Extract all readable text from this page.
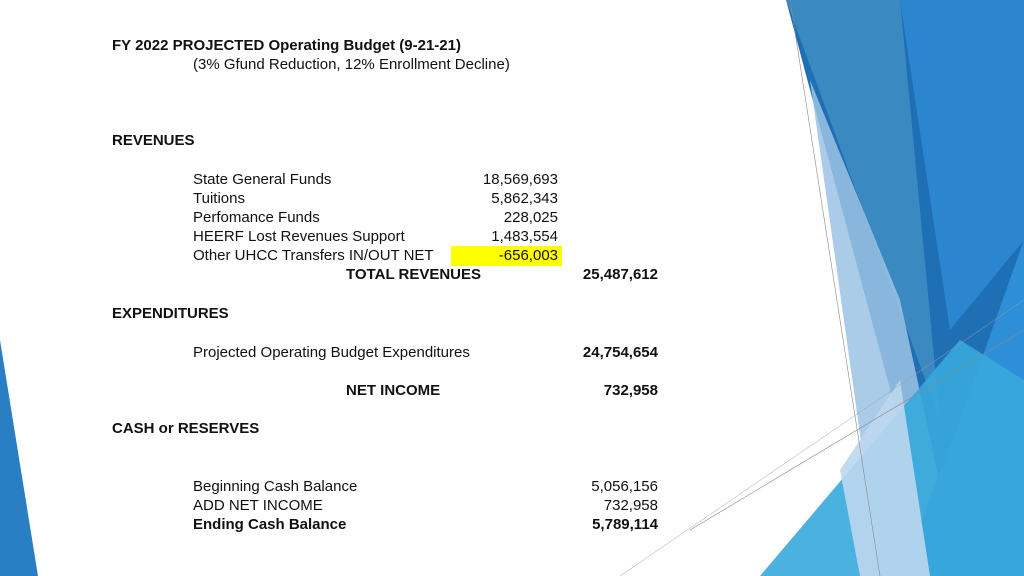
FY 2022 PROJECTED Operating Budget (9-21-21)
(3% Gfund Reduction, 12% Enrollment Decline)
REVENUES
State General Funds	18,569,693
Tuitions	5,862,343
Perfomance Funds	228,025
HEERF Lost Revenues Support	1,483,554
Other UHCC Transfers IN/OUT NET	-656,003
TOTAL REVENUES	25,487,612
EXPENDITURES
Projected Operating Budget Expenditures	24,754,654
NET INCOME	732,958
CASH or RESERVES
Beginning Cash Balance	5,056,156
ADD NET INCOME	732,958
Ending Cash Balance	5,789,114
